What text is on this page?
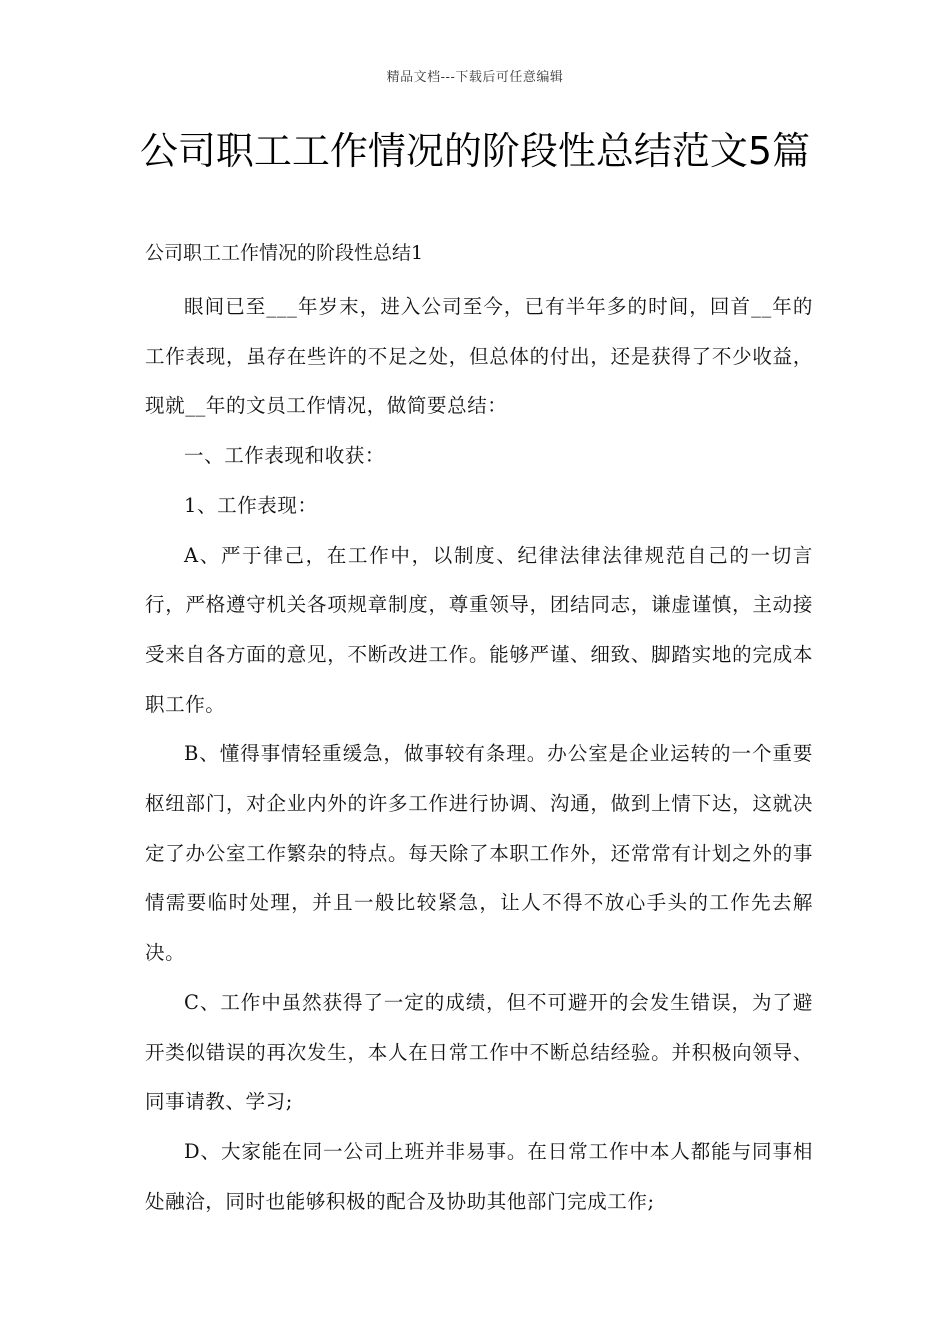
精品文档---下载后可任意编辑
公司职工工作情况的阶段性总结范文5篇
公司职工工作情况的阶段性总结1

眼间已至___年岁末，进入公司至今，已有半年多的时间，回首__年的工作表现，虽存在些许的不足之处，但总体的付出，还是获得了不少收益，现就__年的文员工作情况，做简要总结：

一、工作表现和收获：

1、工作表现：

A、严于律己，在工作中，以制度、纪律法律法律规范自己的一切言行，严格遵守机关各项规章制度，尊重领导，团结同志，谦虚谨慎，主动接受来自各方面的意见，不断改进工作。能够严谨、细致、脚踏实地的完成本职工作。

B、懂得事情轻重缓急，做事较有条理。办公室是企业运转的一个重要枢纽部门，对企业内外的许多工作进行协调、沟通，做到上情下达，这就决定了办公室工作繁杂的特点。每天除了本职工作外，还常常有计划之外的事情需要临时处理，并且一般比较紧急，让人不得不放心手头的工作先去解决。

C、工作中虽然获得了一定的成绩，但不可避开的会发生错误，为了避开类似错误的再次发生，本人在日常工作中不断总结经验。并积极向领导、同事请教、学习;

D、大家能在同一公司上班并非易事。在日常工作中本人都能与同事相处融洽，同时也能够积极的配合及协助其他部门完成工作;
